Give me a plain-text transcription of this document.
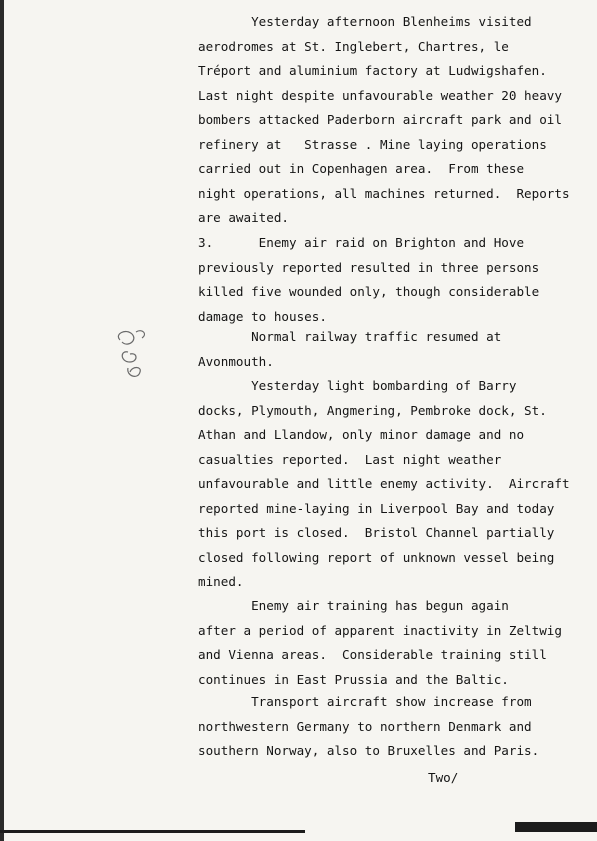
Yesterday afternoon Blenheims visited
aerodromes at St. Inglebert, Chartres, le
Tréport and aluminium factory at Ludwigshafen.
Last night despite unfavourable weather 20 heavy
bombers attacked Paderborn aircraft park and oil
refinery at   Strasse . Mine laying operations
carried out in Copenhagen area.  From these
night operations, all machines returned.  Reports
are awaited.
3.      Enemy air raid on Brighton and Hove
previously reported resulted in three persons
killed five wounded only, though considerable
damage to houses.
Normal railway traffic resumed at
Avonmouth.
Yesterday light bombarding of Barry
docks, Plymouth, Angmering, Pembroke dock, St.
Athan and Llandow, only minor damage and no
casualties reported.  Last night weather
unfavourable and little enemy activity.  Aircraft
reported mine-laying in Liverpool Bay and today
this port is closed.  Bristol Channel partially
closed following report of unknown vessel being
mined.
Enemy air training has begun again
after a period of apparent inactivity in Zeltwig
and Vienna areas.  Considerable training still
continues in East Prussia and the Baltic.
Transport aircraft show increase from
northwestern Germany to northern Denmark and
southern Norway, also to Bruxelles and Paris.
Two/
